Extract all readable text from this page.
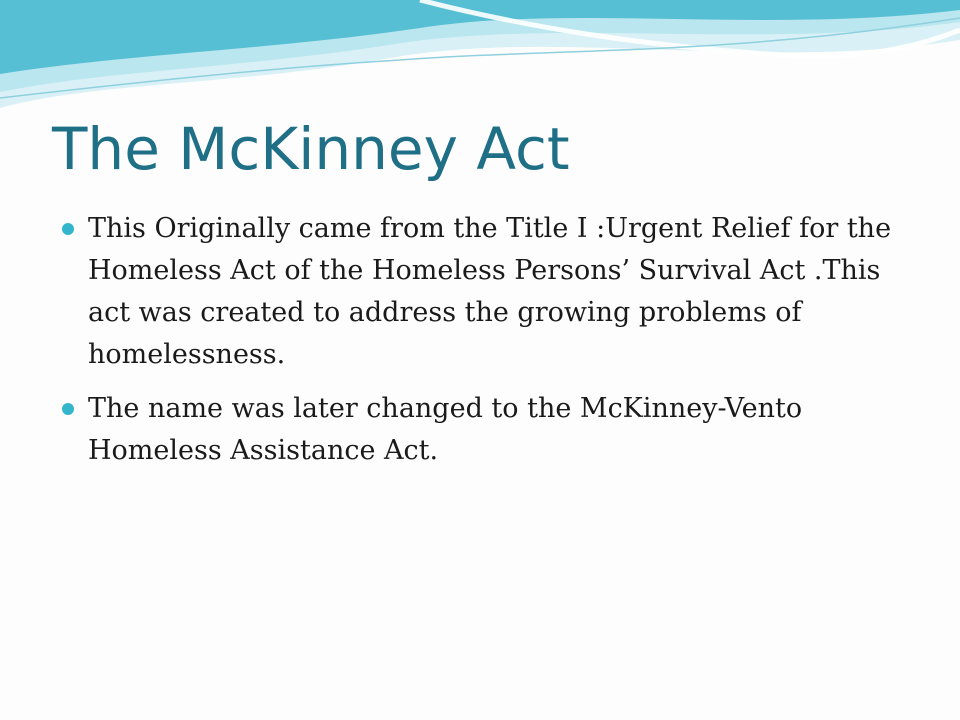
The McKinney Act
This Originally came from the Title I :Urgent Relief for the Homeless Act of the Homeless Persons’ Survival Act .This act was created to address the growing problems of homelessness.
The name was later changed to the McKinney-Vento Homeless Assistance Act.
